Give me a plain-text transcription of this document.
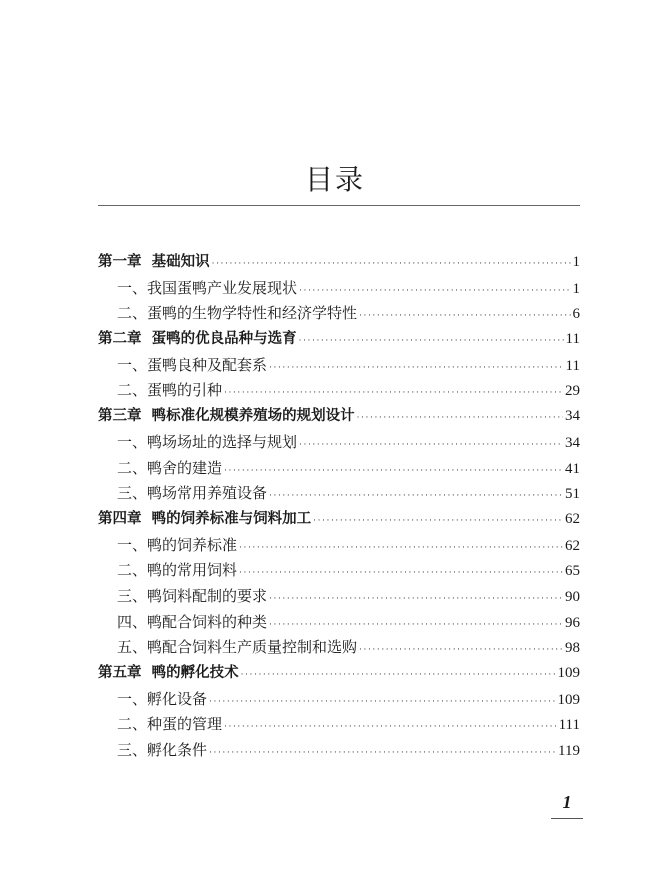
目录
第一章 基础知识 ·····	1
一、 我国蛋鸭产业发展现状 ·····	1
二、 蛋鸭的生物学特性和经济学特性 ·····	6
第二章 蛋鸭的优良品种与选育 ·····	11
一、 蛋鸭良种及配套系 ·····	11
二、 蛋鸭的引种 ·····	29
第三章 鸭标准化规模养殖场的规划设计 ·····	34
一、 鸭场场址的选择与规划 ·····	34
二、 鸭舍的建造 ·····	41
三、 鸭场常用养殖设备 ·····	51
第四章 鸭的饲养标准与饲料加工 ·····	62
一、 鸭的饲养标准 ·····	62
二、 鸭的常用饲料 ·····	65
三、 鸭饲料配制的要求 ·····	90
四、 鸭配合饲料的种类 ·····	96
五、 鸭配合饲料生产质量控制和选购 ·····	98
第五章 鸭的孵化技术 ·····	109
一、 孵化设备 ·····	109
二、 种蛋的管理 ·····	111
三、 孵化条件 ·····	119
1
